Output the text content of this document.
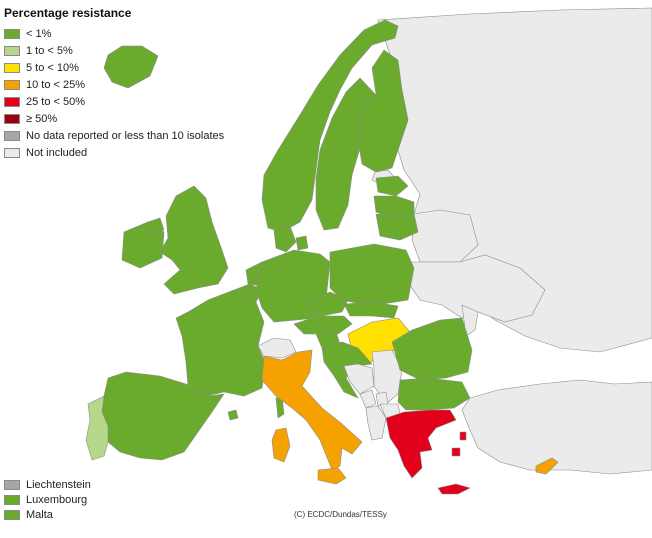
Percentage resistance
< 1%
1 to < 5%
5 to < 10%
10 to < 25%
25 to < 50%
≥ 50%
No data reported or less than 10 isolates
Not included
Liechtenstein
Luxembourg
Malta	(C) ECDC/Dundas/TESSy
